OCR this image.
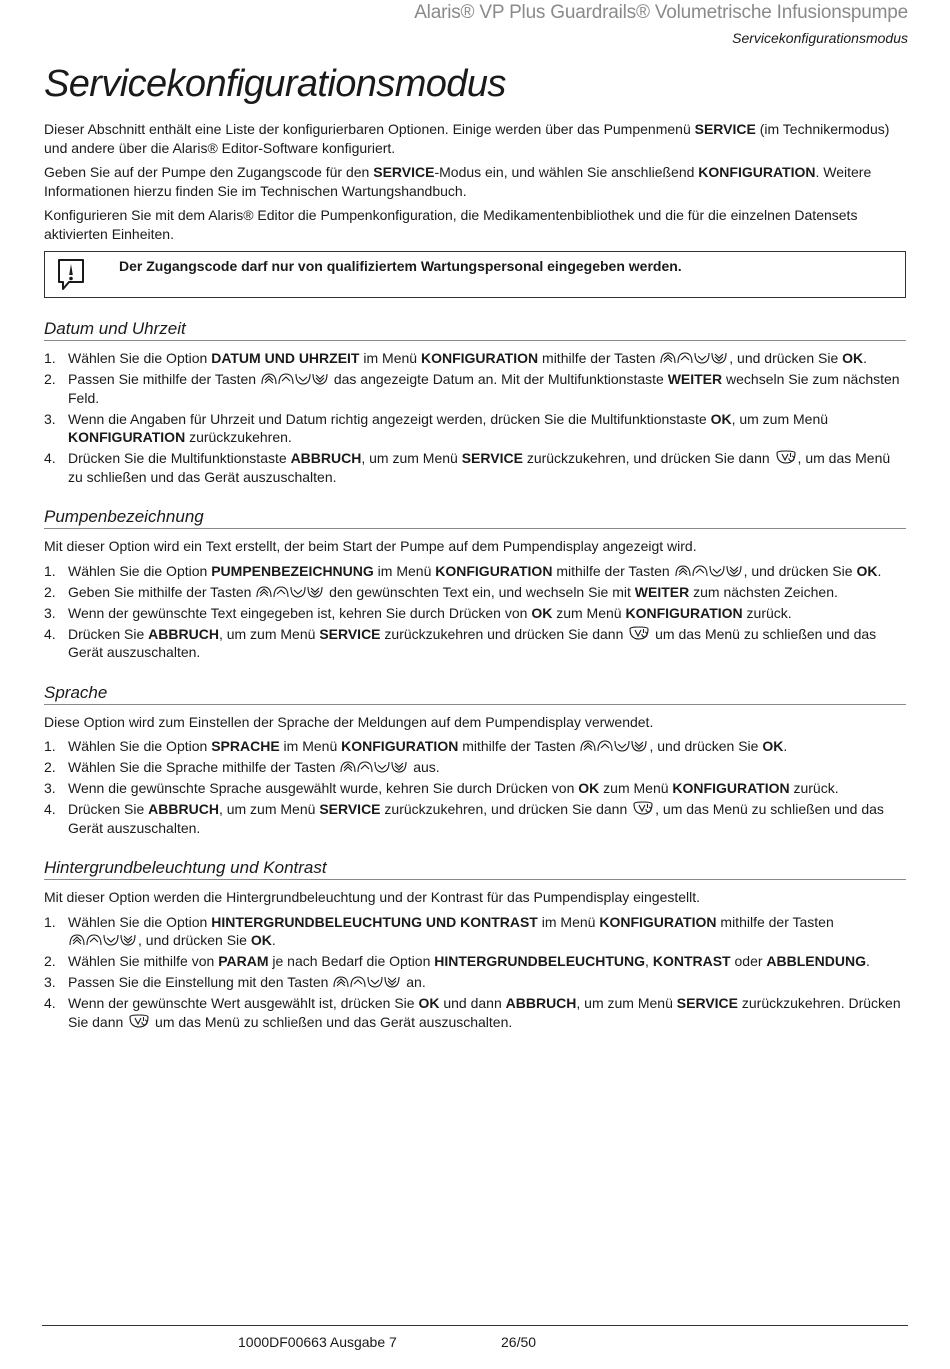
Alaris® VP Plus Guardrails® Volumetrische Infusionspumpe
Servicekonfigurationsmodus
Servicekonfigurationsmodus

Dieser Abschnitt enthält eine Liste der konfigurierbaren Optionen. Einige werden über das Pumpenmenü SERVICE (im Technikermodus) und andere über die Alaris® Editor-Software konfiguriert.

Geben Sie auf der Pumpe den Zugangscode für den SERVICE-Modus ein, und wählen Sie anschließend KONFIGURATION. Weitere Informationen hierzu finden Sie im Technischen Wartungshandbuch.

Konfigurieren Sie mit dem Alaris® Editor die Pumpenkonfiguration, die Medikamentenbibliothek und die für die einzelnen Datensets aktivierten Einheiten.

Der Zugangscode darf nur von qualifiziertem Wartungspersonal eingegeben werden.
Datum und Uhrzeit
1. Wählen Sie die Option DATUM UND UHRZEIT im Menü KONFIGURATION mithilfe der Tasten	, und drücken Sie OK.
2. Passen Sie mithilfe der Tasten	das angezeigte Datum an. Mit der Multifunktionstaste WEITER wechseln Sie zum nächsten Feld.
3. Wenn die Angaben für Uhrzeit und Datum richtig angezeigt werden, drücken Sie die Multifunktionstaste OK, um zum Menü KONFIGURATION zurückzukehren.
4. Drücken Sie die Multifunktionstaste ABBRUCH, um zum Menü SERVICE zurückzukehren, und drücken Sie dann , um das Menü zu schließen und das Gerät auszuschalten.
Pumpenbezeichnung

Mit dieser Option wird ein Text erstellt, der beim Start der Pumpe auf dem Pumpendisplay angezeigt wird.

1. Wählen Sie die Option PUMPENBEZEICHNUNG im Menü KONFIGURATION mithilfe der Tasten	, und drücken Sie OK.
2. Geben Sie mithilfe der Tasten	den gewünschten Text ein, und wechseln Sie mit WEITER zum nächsten Zeichen.
3. Wenn der gewünschte Text eingegeben ist, kehren Sie durch Drücken von OK zum Menü KONFIGURATION zurück.
4. Drücken Sie ABBRUCH, um zum Menü SERVICE zurückzukehren und drücken Sie dann  um das Menü zu schließen und das Gerät auszuschalten.
Sprache

Diese Option wird zum Einstellen der Sprache der Meldungen auf dem Pumpendisplay verwendet.

1. Wählen Sie die Option SPRACHE im Menü KONFIGURATION mithilfe der Tasten	, und drücken Sie OK.
2. Wählen Sie die Sprache mithilfe der Tasten	aus.
3. Wenn die gewünschte Sprache ausgewählt wurde, kehren Sie durch Drücken von OK zum Menü KONFIGURATION zurück.
4. Drücken Sie ABBRUCH, um zum Menü SERVICE zurückzukehren, und drücken Sie dann , um das Menü zu schließen und das Gerät auszuschalten.
Hintergrundbeleuchtung und Kontrast

Mit dieser Option werden die Hintergrundbeleuchtung und der Kontrast für das Pumpendisplay eingestellt.

1. Wählen Sie die Option HINTERGRUNDBELEUCHTUNG UND KONTRAST im Menü KONFIGURATION mithilfe der Tasten , und drücken Sie OK.
2. Wählen Sie mithilfe von PARAM je nach Bedarf die Option HINTERGRUNDBELEUCHTUNG, KONTRAST oder ABBLENDUNG.
3. Passen Sie die Einstellung mit den Tasten	an.
4. Wenn der gewünschte Wert ausgewählt ist, drücken Sie OK und dann ABBRUCH, um zum Menü SERVICE zurückzukehren. Drücken Sie dann  um das Menü zu schließen und das Gerät auszuschalten.
1000DF00663 Ausgabe 7	26/50
